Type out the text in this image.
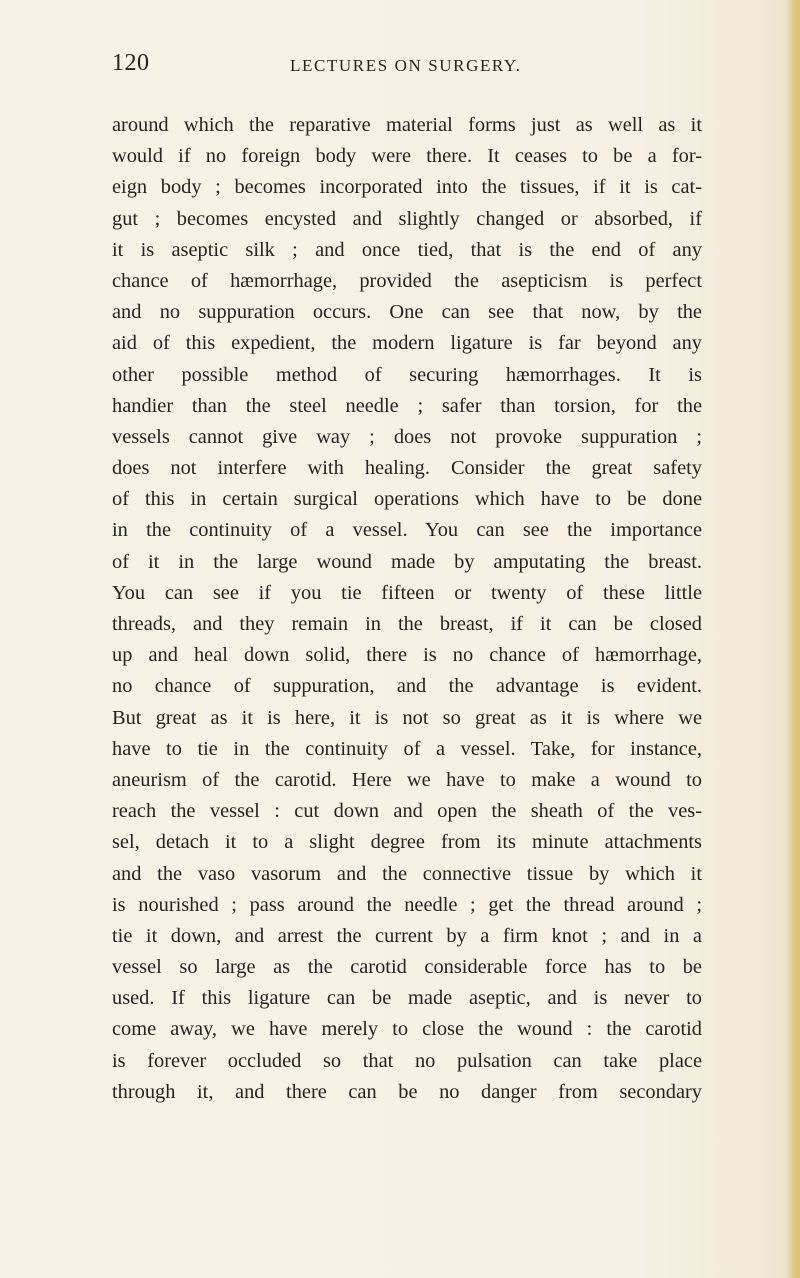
120	LECTURES ON SURGERY.
around which the reparative material forms just as well as it
would if no foreign body were there. It ceases to be a for-
eign body ; becomes incorporated into the tissues, if it is cat-
gut ; becomes encysted and slightly changed or absorbed, if
it is aseptic silk ; and once tied, that is the end of any
chance of hæmorrhage, provided the asepticism is perfect
and no suppuration occurs. One can see that now, by the
aid of this expedient, the modern ligature is far beyond any
other possible method of securing hæmorrhages. It is
handier than the steel needle ; safer than torsion, for the
vessels cannot give way ; does not provoke suppuration ;
does not interfere with healing. Consider the great safety
of this in certain surgical operations which have to be done
in the continuity of a vessel. You can see the importance
of it in the large wound made by amputating the breast.
You can see if you tie fifteen or twenty of these little
threads, and they remain in the breast, if it can be closed
up and heal down solid, there is no chance of hæmorrhage,
no chance of suppuration, and the advantage is evident.
But great as it is here, it is not so great as it is where we
have to tie in the continuity of a vessel. Take, for instance,
aneurism of the carotid. Here we have to make a wound to
reach the vessel : cut down and open the sheath of the ves-
sel, detach it to a slight degree from its minute attachments
and the vaso vasorum and the connective tissue by which it
is nourished ; pass around the needle ; get the thread around ;
tie it down, and arrest the current by a firm knot ; and in a
vessel so large as the carotid considerable force has to be
used. If this ligature can be made aseptic, and is never to
come away, we have merely to close the wound : the carotid
is forever occluded so that no pulsation can take place
through it, and there can be no danger from secondary
